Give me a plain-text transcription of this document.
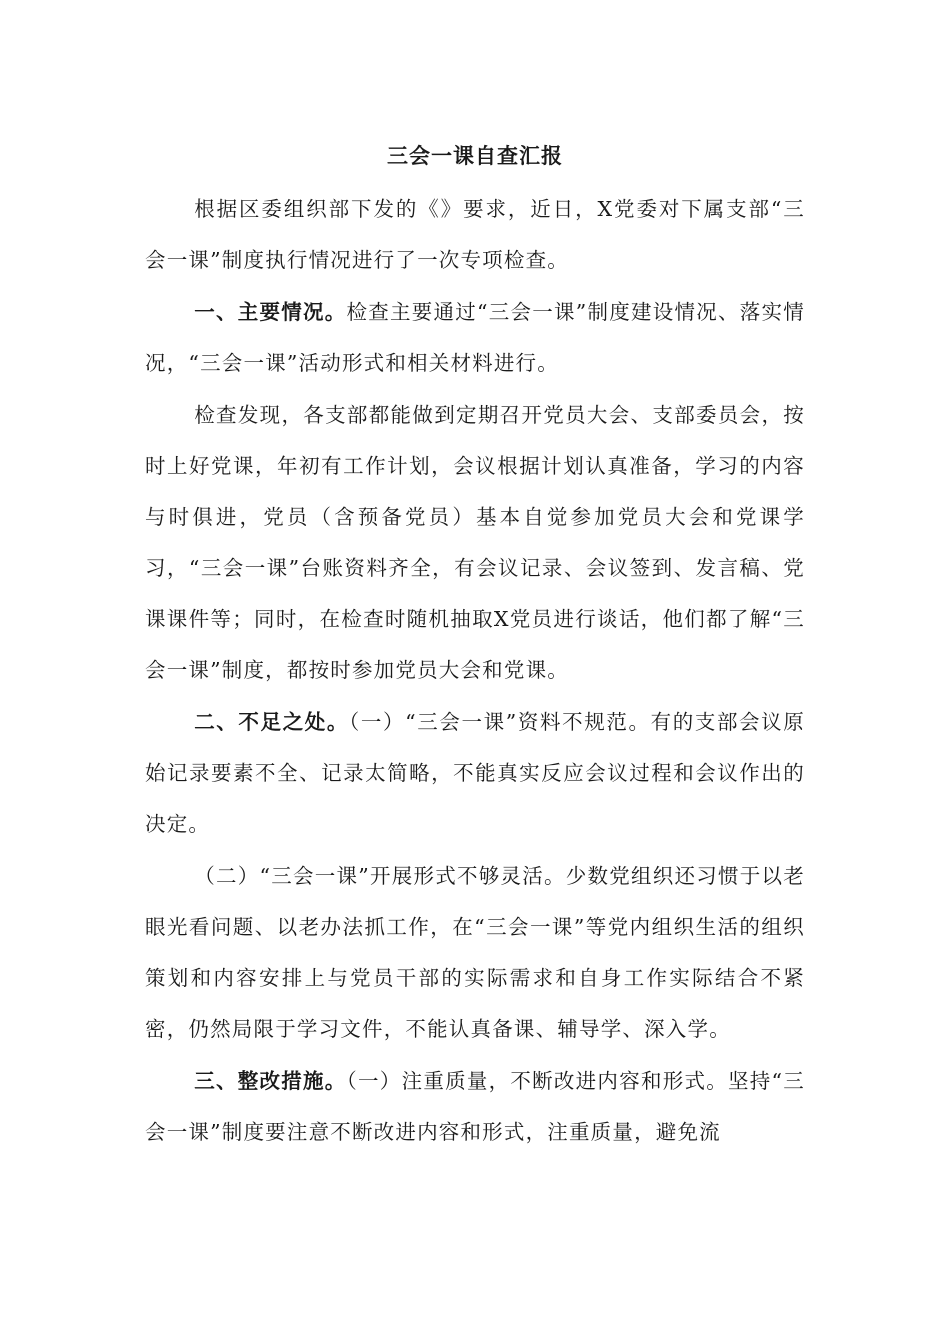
三会一课自查汇报

根据区委组织部下发的《》要求，近日，X党委对下属支部“三会一课”制度执行情况进行了一次专项检查。

一、主要情况。检查主要通过“三会一课”制度建设情况、落实情况，“三会一课”活动形式和相关材料进行。

检查发现，各支部都能做到定期召开党员大会、支部委员会，按时上好党课，年初有工作计划，会议根据计划认真准备，学习的内容与时俱进，党员（含预备党员）基本自觉参加党员大会和党课学习，“三会一课”台账资料齐全，有会议记录、会议签到、发言稿、党课课件等；同时，在检查时随机抽取X党员进行谈话，他们都了解“三会一课”制度，都按时参加党员大会和党课。

二、不足之处。（一）“三会一课”资料不规范。有的支部会议原始记录要素不全、记录太简略，不能真实反应会议过程和会议作出的决定。

（二）“三会一课”开展形式不够灵活。少数党组织还习惯于以老眼光看问题、以老办法抓工作，在“三会一课”等党内组织生活的组织策划和内容安排上与党员干部的实际需求和自身工作实际结合不紧密，仍然局限于学习文件，不能认真备课、辅导学、深入学。

三、整改措施。（一）注重质量，不断改进内容和形式。坚持“三会一课”制度要注意不断改进内容和形式，注重质量，避免流
